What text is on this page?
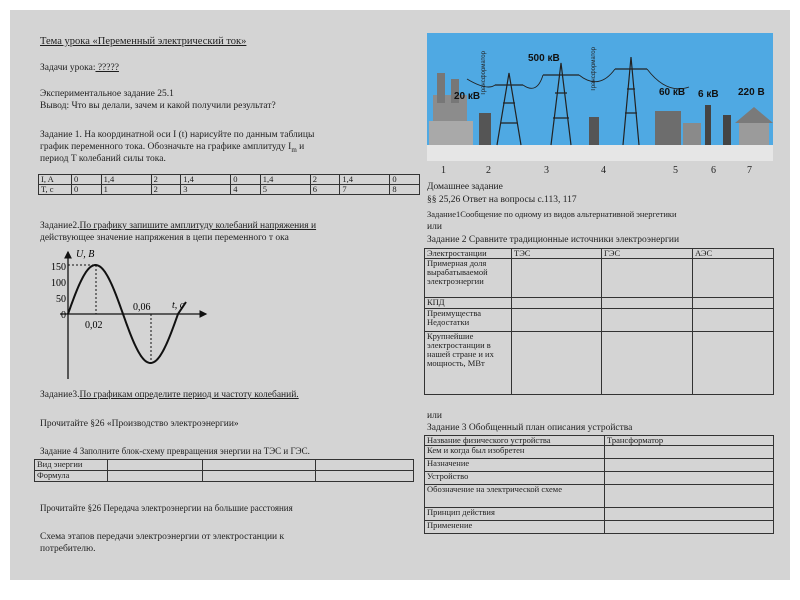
Тема урока «Переменный электрический ток»
Задачи урока: ?????
Экспериментальное задание 25.1
Вывод: Что вы делали, зачем и какой получили результат?
Задание 1. На координатной оси I (t) нарисуйте по данным таблицы
график переменного тока. Обозначьте на графике амплитуду $I_m$ и
период T колебаний силы тока.
I, A	0	1,4	2	1,4	0	1,4	2	1,4	0
T, с	0	1	2	3	4	5	6	7	8
Задание2.По графику запишите амплитуду колебаний напряжения и
действующее значение напряжения в цепи переменного т ока
150
100
50
0
U, В
t, с
0,02
0,06
Задание3.По графикам определите период и частоту колебаний.
Прочитайте §26 «Производство электроэнергии»
Задание 4 Заполните блок-схему превращения энергии на ТЭС и ГЭС.
Вид энергии			
Формула			
Прочитайте §26 Передача электроэнергии на большие расстояния
Схема этапов передачи электроэнергии от электростанции к
потребителю.
20 кВ
500 кВ
60 кВ 6 кВ 220 В
Трансформатор	Трансформатор
1	2	3	4	5	6	7
Домашнее задание
§§ 25,26 Ответ на вопросы с.113, 117
Задание1Сообщение по одному из видов альтернативной энергетики
или
Задание 2 Сравните традиционные источники электроэнергии
Электростанции	ТЭС	ГЭС	АЭС
Примерная доля вырабатываемой электроэнергии			
КПД			
Преимущества Недостатки			
Крупнейшие электростанции в нашей стране и их мощность, МВт			
или
Задание 3 Обобщенный план описания устройства
Название физического устройства	Трансформатор
Кем и когда был изобретен	
Назначение	
Устройство	
Обозначение на электрической схеме	
Принцип действия	
Применение	
